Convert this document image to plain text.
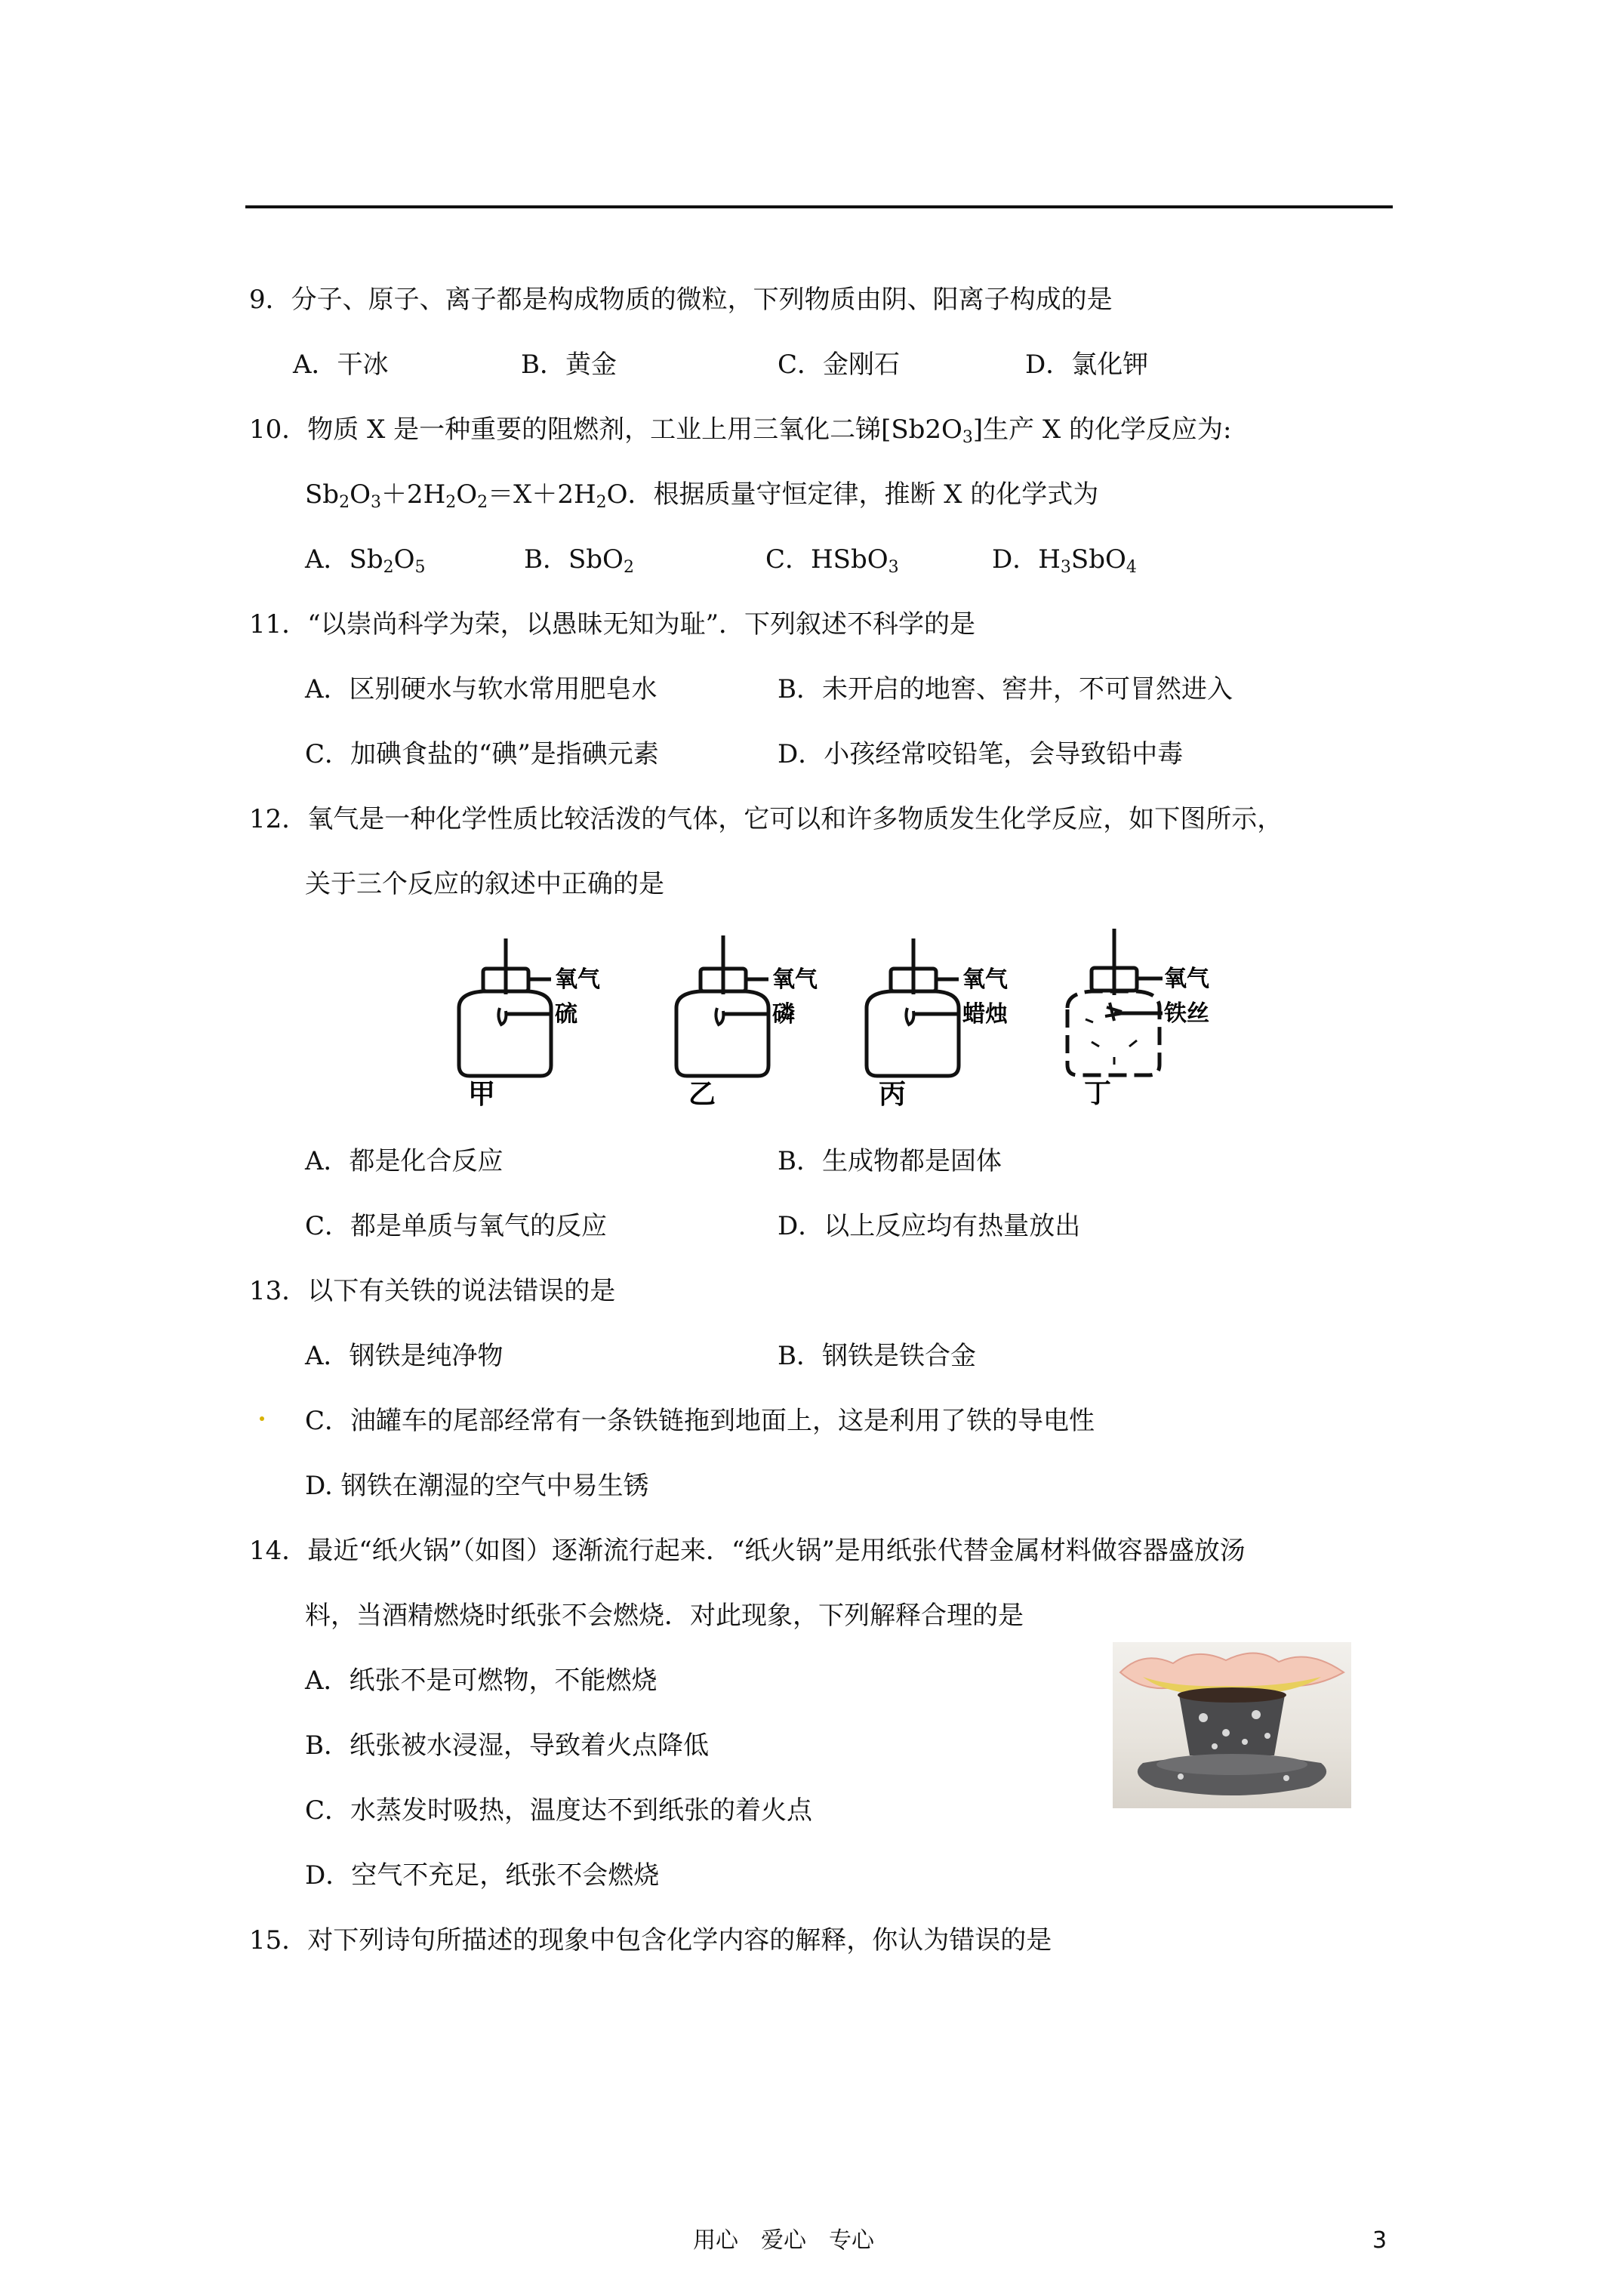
9．分子、原子、离子都是构成物质的微粒，下列物质由阴、阳离子构成的是
A．干冰	B．黄金	C．金刚石	D．氯化钾
10．物质 X 是一种重要的阻燃剂，工业上用三氧化二锑$[Sb2O_3]$生产 X 的化学反应为:
$Sb_2O_3+2H_2O_2=X+2H_2O$．根据质量守恒定律，推断 X 的化学式为
A．$Sb_2O_5$	B．SbO$_2$	C．HSbO$_3$	D．$H_3SbO_4$
11．“以崇尚科学为荣，以愚昧无知为耻”．下列叙述不科学的是
A．区别硬水与软水常用肥皂水	B．未开启的地窖、窖井，不可冒然进入
C．加碘食盐的“碘”是指碘元素	D．小孩经常咬铅笔，会导致铅中毒
12．氧气是一种化学性质比较活泼的气体，它可以和许多物质发生化学反应，如下图所示，
关于三个反应的叙述中正确的是
氧气
硫
甲
氧气
磷
乙
氧气
蜡烛
丙
氧气
铁丝
丁
A．都是化合反应	B．生成物都是固体
C．都是单质与氧气的反应	D．以上反应均有热量放出
13．以下有关铁的说法错误的是
A．钢铁是纯净物	B．钢铁是铁合金
C．油罐车的尾部经常有一条铁链拖到地面上，这是利用了铁的导电性
D. 钢铁在潮湿的空气中易生锈
14．最近“纸火锅”（如图）逐渐流行起来．“纸火锅”是用纸张代替金属材料做容器盛放汤
料，当酒精燃烧时纸张不会燃烧．对此现象，下列解释合理的是
A．纸张不是可燃物，不能燃烧
B．纸张被水浸湿，导致着火点降低
C．水蒸发时吸热，温度达不到纸张的着火点
D．空气不充足，纸张不会燃烧
15．对下列诗句所描述的现象中包含化学内容的解释，你认为错误的是
用心　爱心　专心	3
